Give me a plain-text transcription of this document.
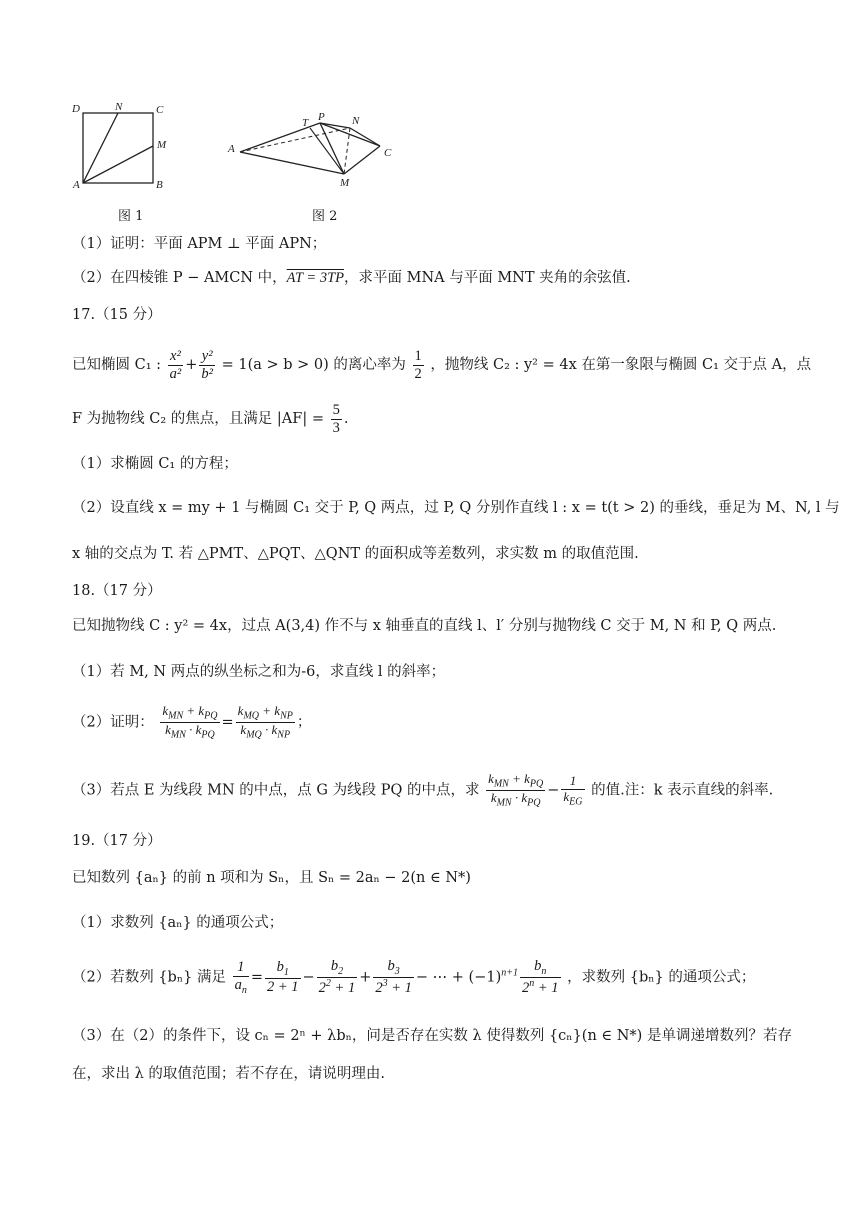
D	N	C
M
A	B
图 1
T P N
A	C
M
图 2
（1）证明：平面 APM ⊥ 平面 APN；
（2）在四棱锥 P − AMCN 中，AT = 3TP，求平面 MNA 与平面 MNT 夹角的余弦值.
17.（15 分）
已知椭圆 C₁ : $\frac{\text{x²}}{\text{a²}} + \frac{\text{y²}}{\text{b²}} = 1(a > b > 0)$ 的离心率为 $\frac{1}{2}$ ，抛物线 C₂ : y² = 4x 在第一象限与椭圆 C₁ 交于点 A，点
F 为抛物线 C₂ 的焦点，且满足 $|AF| = \frac{5}{3}$ .
（1）求椭圆 C₁ 的方程；
（2）设直线 x = my + 1 与椭圆 C₁ 交于 P, Q 两点，过 P, Q 分别作直线 l : x = t(t > 2) 的垂线，垂足为 M、N, l 与
x 轴的交点为 T. 若 △PMT、△PQT、△QNT 的面积成等差数列，求实数 m 的取值范围.
18.（17 分）
已知抛物线 C : y² = 4x，过点 A(3,4) 作不与 x 轴垂直的直线 l、l′ 分别与抛物线 C 交于 M, N 和 P, Q 两点.
（1）若 M, N 两点的纵坐标之和为-6，求直线 l 的斜率；
（2）证明： $\frac{k_{MN} + k_{PQ}}{k_{MN} \cdot k_{PQ}} = \frac{k_{MQ} + k_{NP}}{k_{MQ} \cdot k_{NP}}$ ；
（3）若点 E 为线段 MN 的中点，点 G 为线段 PQ 的中点，求 $\frac{k_{MN} + k_{PQ}}{k_{MN} \cdot k_{PQ}} - \frac{1}{k_{EG}}$ 的值.注：k 表示直线的斜率.
19.（17 分）
已知数列 {aₙ} 的前 n 项和为 Sₙ，且 Sₙ = 2aₙ − 2(n ∈ N*)
（1）求数列 {aₙ} 的通项公式；
（2）若数列 {bₙ} 满足 $\frac{1}{a_n} = \frac{b_1}{2 + 1} - \frac{b_2}{2^2 + 1} + \frac{b_3}{2^3 + 1}$ − ⋯ + $(-1)^{n+1} \frac{b_n}{2^n + 1}$ ，求数列 {bₙ} 的通项公式；
（3）在（2）的条件下，设 cₙ = 2ⁿ + λbₙ，问是否存在实数 λ 使得数列 {cₙ}(n ∈ N*) 是单调递增数列？若存
在，求出 λ 的取值范围；若不存在，请说明理由.
